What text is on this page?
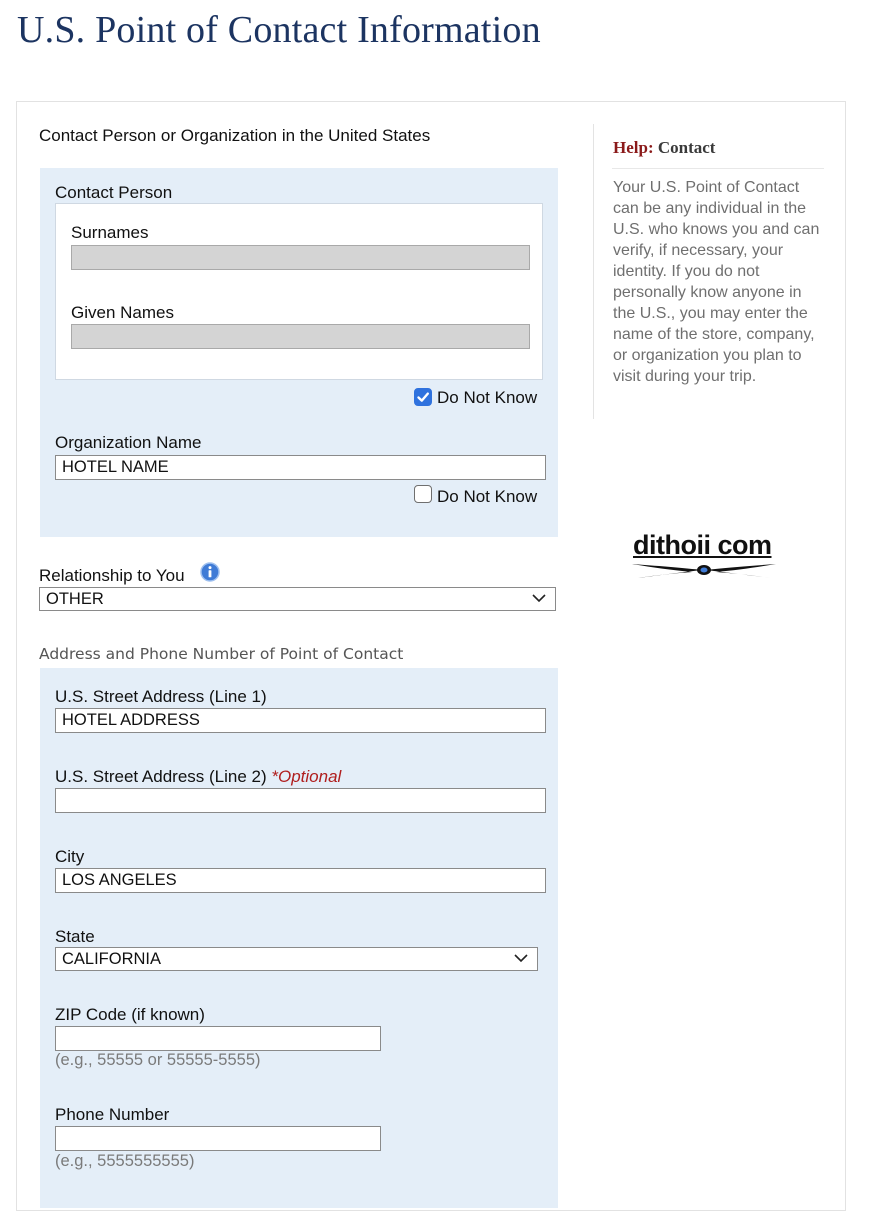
U.S. Point of Contact Information
Contact Person or Organization in the United States
Contact Person
Surnames
Given Names
Do Not Know
Organization Name
HOTEL NAME
Do Not Know
Relationship to You
OTHER
Address and Phone Number of Point of Contact
U.S. Street Address (Line 1)
HOTEL ADDRESS
U.S. Street Address (Line 2) *Optional
City
LOS ANGELES
State
CALIFORNIA
ZIP Code (if known)
(e.g., 55555 or 55555-5555)
Phone Number
(e.g., 5555555555)
Help: Contact
Your U.S. Point of Contact can be any individual in the U.S. who knows you and can verify, if necessary, your identity. If you do not personally know anyone in the U.S., you may enter the name of the store, company, or organization you plan to visit during your trip.
dithoii com
